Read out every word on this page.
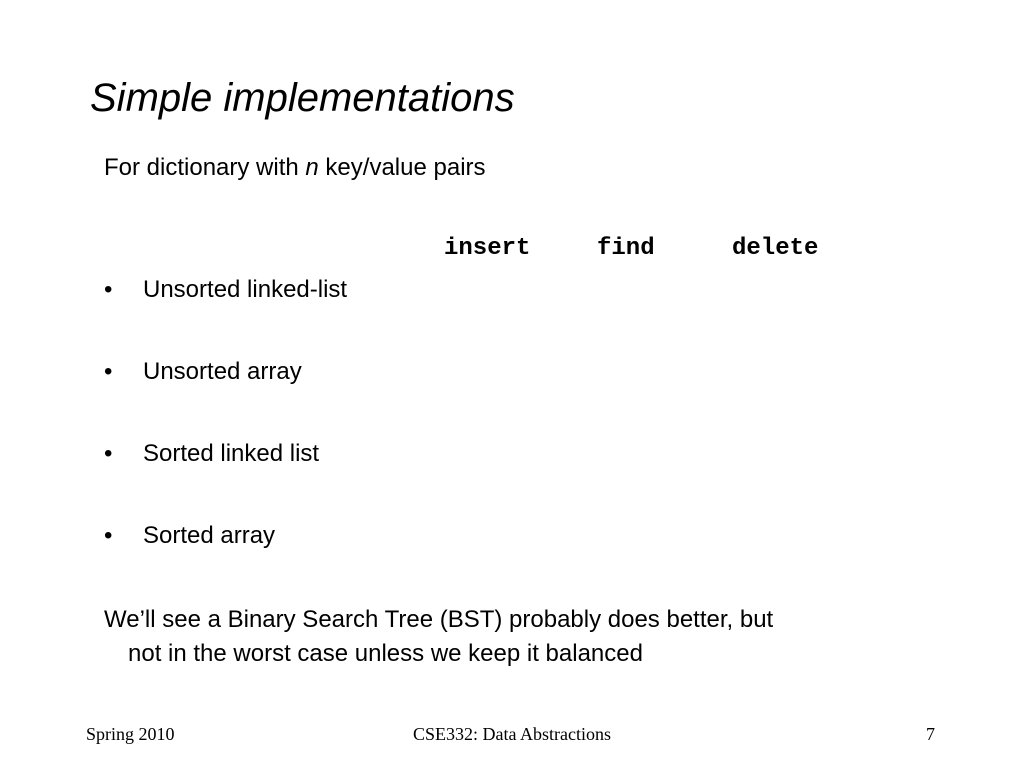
Simple implementations
For dictionary with n key/value pairs
insert	find	delete
•	Unsorted linked-list
•	Unsorted array
•	Sorted linked list
•	Sorted array
We’ll see a Binary Search Tree (BST) probably does better, but
not in the worst case unless we keep it balanced
Spring 2010	CSE332: Data Abstractions	7
